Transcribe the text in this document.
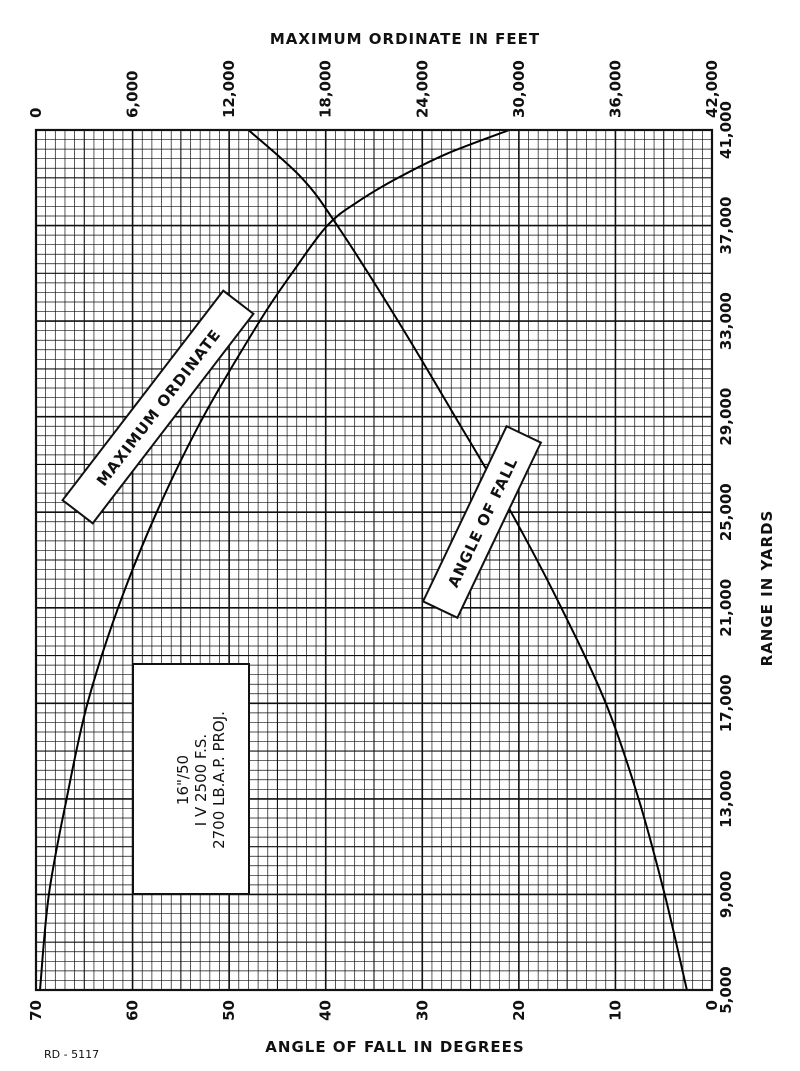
0	6,000	12,000	18,000	24,000	30,000	36,000	42,000
5,000
9,000
13,000
17,000
21,000
25,000
29,000
33,000
37,000
41,000
70	60	50	40	30	20	10	0
MAXIMUM ORDINATE IN FEET
ANGLE OF FALL IN DEGREES
RANGE IN YARDS
RD - 5117
MAXIMUM ORDINATE
ANGLE OF FALL
16"/50 I V 2500 F.S. 2700 LB.A.P. PROJ.
